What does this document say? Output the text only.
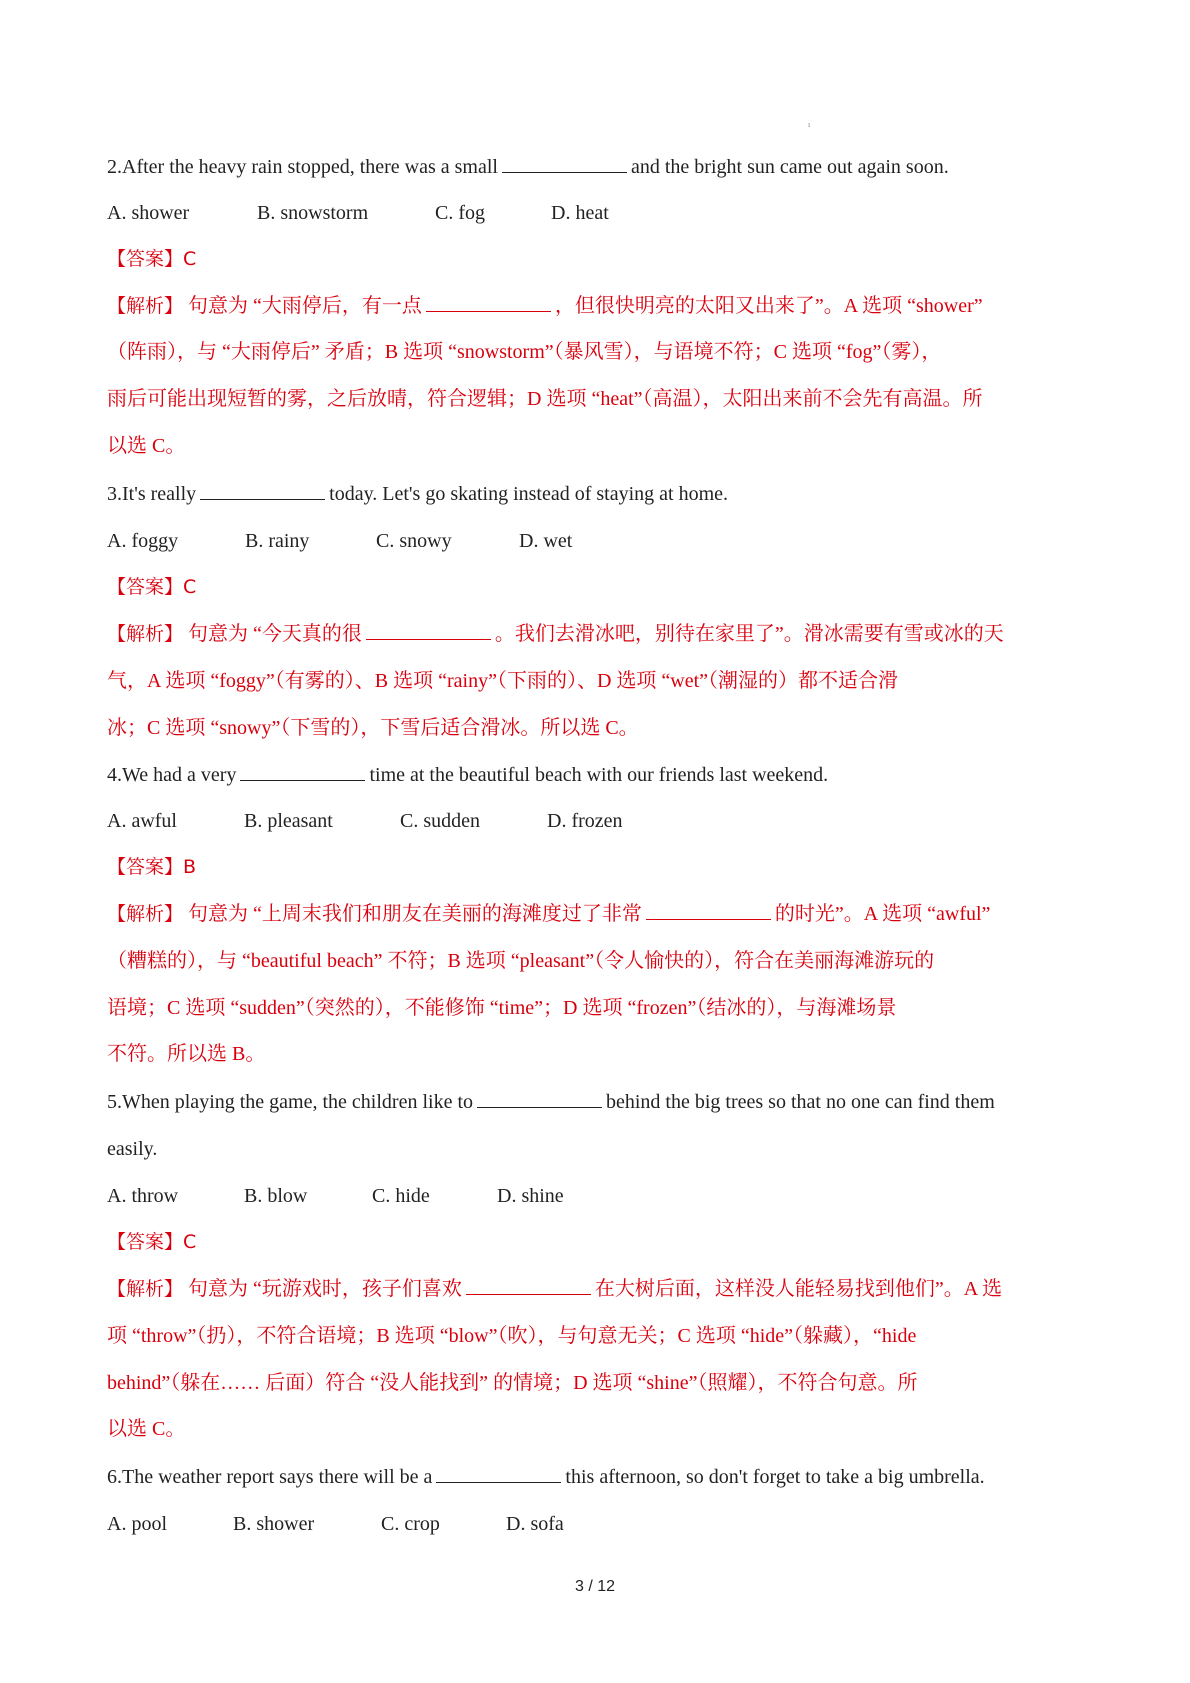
ı
2.After the heavy rain stopped, there was a small	and the bright sun came out again soon.
A. shower	B. snowstorm	C. fog	D. heat
【答案】C
【解析】 句意为 “大雨停后，有一点	，但很快明亮的太阳又出来了”。A 选项 “shower”
（阵雨），与 “大雨停后” 矛盾；B 选项 “snowstorm”（暴风雪），与语境不符；C 选项 “fog”（雾），
雨后可能出现短暂的雾，之后放晴，符合逻辑；D 选项 “heat”（高温），太阳出来前不会先有高温。所
以选 C。
3.It's really	today. Let's go skating instead of staying at home.
A. foggy	B. rainy	C. snowy	D. wet
【答案】C
【解析】 句意为 “今天真的很	。我们去滑冰吧，别待在家里了”。滑冰需要有雪或冰的天
气，A 选项 “foggy”（有雾的）、B 选项 “rainy”（下雨的）、D 选项 “wet”（潮湿的）都不适合滑
冰；C 选项 “snowy”（下雪的），下雪后适合滑冰。所以选 C。
4.We had a very	time at the beautiful beach with our friends last weekend.
A. awful	B. pleasant	C. sudden	D. frozen
【答案】B
【解析】 句意为 “上周末我们和朋友在美丽的海滩度过了非常	的时光”。A 选项 “awful”
（糟糕的），与 “beautiful beach” 不符；B 选项 “pleasant”（令人愉快的），符合在美丽海滩游玩的
语境；C 选项 “sudden”（突然的），不能修饰 “time”；D 选项 “frozen”（结冰的），与海滩场景
不符。所以选 B。
5.When playing the game, the children like to	behind the big trees so that no one can find them
easily.
A. throw	B. blow	C. hide	D. shine
【答案】C
【解析】 句意为 “玩游戏时，孩子们喜欢	在大树后面，这样没人能轻易找到他们”。A 选
项 “throw”（扔），不符合语境；B 选项 “blow”（吹），与句意无关；C 选项 “hide”（躲藏），“hide
behind”（躲在…… 后面）符合 “没人能找到” 的情境；D 选项 “shine”（照耀），不符合句意。所
以选 C。
6.The weather report says there will be a	this afternoon, so don't forget to take a big umbrella.
A. pool	B. shower	C. crop	D. sofa
3 / 12
